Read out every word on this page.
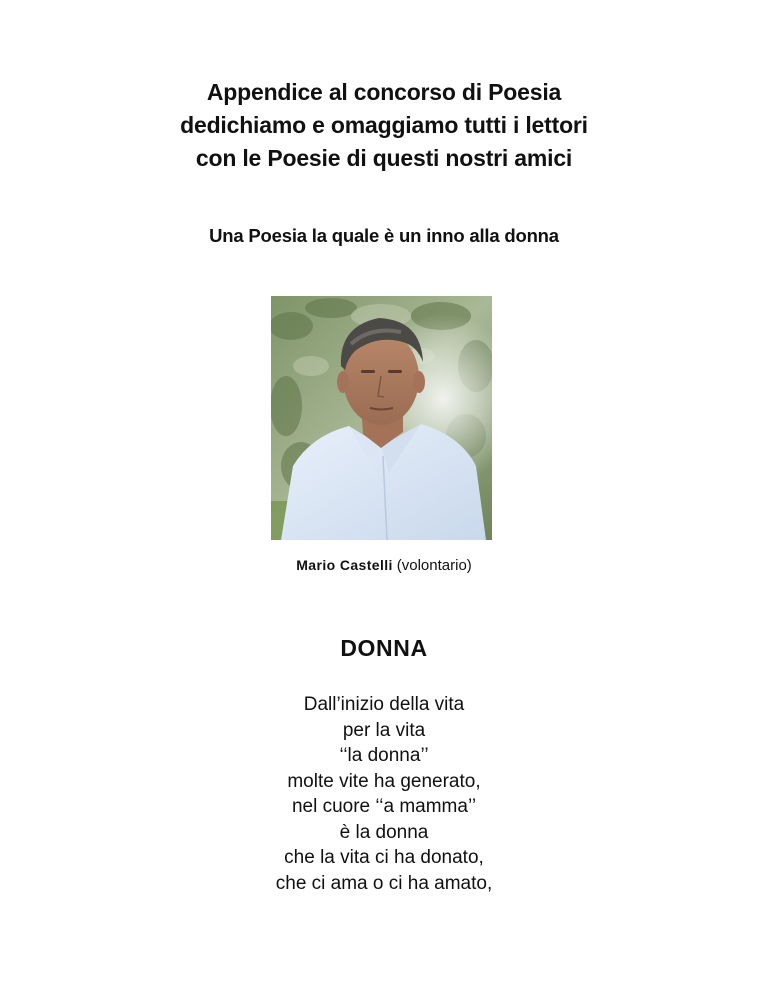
Appendice al concorso di Poesia
dedichiamo e omaggiamo tutti i lettori
con le Poesie di questi nostri amici
Una Poesia la quale è un inno alla donna
Mario Castelli (volontario)
DONNA
Dall’inizio della vita
per la vita
‘‘la donna’’
molte vite ha generato,
nel cuore ‘‘a mamma’’
è la donna
che la vita ci ha donato,
che ci ama o ci ha amato,
